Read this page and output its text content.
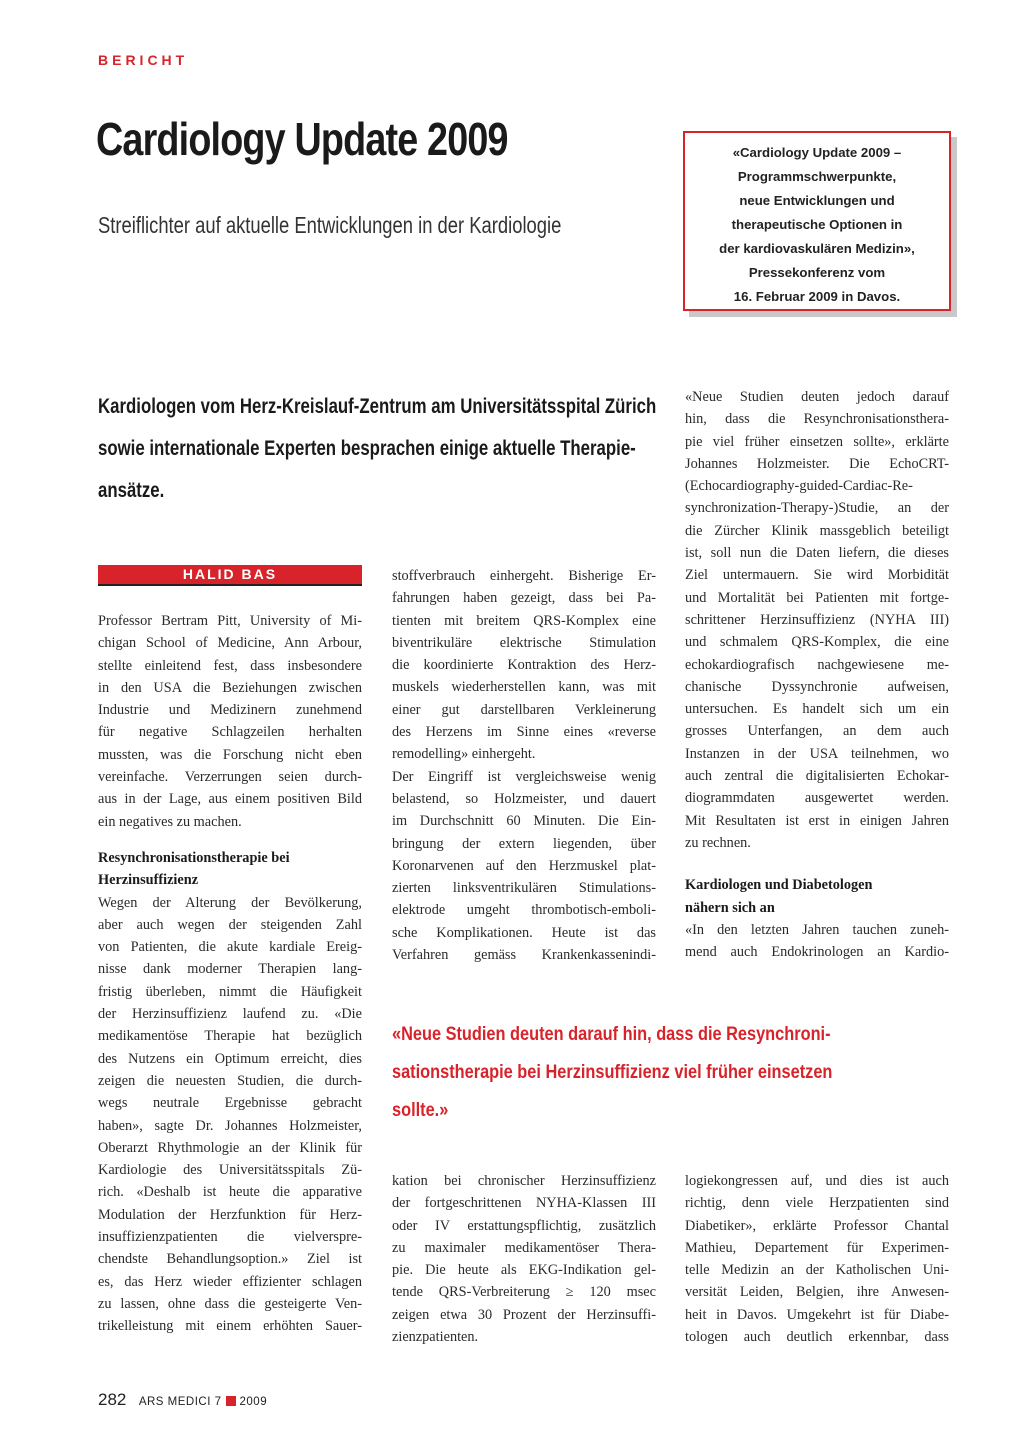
BERICHT
Cardiology Update 2009
Streiflichter auf aktuelle Entwicklungen in der Kardiologie

«Cardiology Update 2009 –

Programmschwerpunkte,

neue Entwicklungen und

therapeutische Optionen in

der kardiovaskulären Medizin»,

Pressekonferenz vom

16. Februar 2009 in Davos.

Kardiologen vom Herz-Kreislauf-Zentrum am Universitätsspital Zürich
sowie internationale Experten besprachen einige aktuelle Therapie-
ansätze.
HALID BAS
Professor Bertram Pitt, University of Mi-
chigan School of Medicine, Ann Arbour,
stellte einleitend fest, dass insbesondere
in den USA die Beziehungen zwischen
Industrie und Medizinern zunehmend
für negative Schlagzeilen herhalten
mussten, was die Forschung nicht eben
vereinfache. Verzerrungen seien durch-
aus in der Lage, aus einem positiven Bild
ein negatives zu machen.
Resynchronisationstherapie bei
Herzinsuffizienz
Wegen der Alterung der Bevölkerung,
aber auch wegen der steigenden Zahl
von Patienten, die akute kardiale Ereig-
nisse dank moderner Therapien lang-
fristig überleben, nimmt die Häufigkeit
der Herzinsuffizienz laufend zu. «Die
medikamentöse Therapie hat bezüglich
des Nutzens ein Optimum erreicht, dies
zeigen die neuesten Studien, die durch-
wegs neutrale Ergebnisse gebracht
haben», sagte Dr. Johannes Holzmeister,
Oberarzt Rhythmologie an der Klinik für
Kardiologie des Universitätsspitals Zü-
rich. «Deshalb ist heute die apparative
Modulation der Herzfunktion für Herz-
insuffizienzpatienten die vielverspre-
chendste Behandlungsoption.» Ziel ist
es, das Herz wieder effizienter schlagen
zu lassen, ohne dass die gesteigerte Ven-
trikelleistung mit einem erhöhten Sauer-
stoffverbrauch einhergeht. Bisherige Er-
fahrungen haben gezeigt, dass bei Pa-
tienten mit breitem QRS-Komplex eine
biventrikuläre elektrische Stimulation
die koordinierte Kontraktion des Herz-
muskels wiederherstellen kann, was mit
einer gut darstellbaren Verkleinerung
des Herzens im Sinne eines «reverse
remodelling» einhergeht.
Der Eingriff ist vergleichsweise wenig
belastend, so Holzmeister, und dauert
im Durchschnitt 60 Minuten. Die Ein-
bringung der extern liegenden, über
Koronarvenen auf den Herzmuskel plat-
zierten linksventrikulären Stimulations-
elektrode umgeht thrombotisch-emboli-
sche Komplikationen. Heute ist das
Verfahren gemäss Krankenkassenindi-
«Neue Studien deuten jedoch darauf
hin, dass die Resynchronisationsthera-
pie viel früher einsetzen sollte», erklärte
Johannes Holzmeister. Die EchoCRT-
(Echocardiography-guided-Cardiac-Re-
synchronization-Therapy-)Studie, an der
die Zürcher Klinik massgeblich beteiligt
ist, soll nun die Daten liefern, die dieses
Ziel untermauern. Sie wird Morbidität
und Mortalität bei Patienten mit fortge-
schrittener Herzinsuffizienz (NYHA III)
und schmalem QRS-Komplex, die eine
echokardiografisch nachgewiesene me-
chanische Dyssynchronie aufweisen,
untersuchen. Es handelt sich um ein
grosses Unterfangen, an dem auch
Instanzen in der USA teilnehmen, wo
auch zentral die digitalisierten Echokar-
diogrammdaten ausgewertet werden.
Mit Resultaten ist erst in einigen Jahren
zu rechnen.
Kardiologen und Diabetologen
nähern sich an
«In den letzten Jahren tauchen zuneh-
mend auch Endokrinologen an Kardio-
«Neue Studien deuten darauf hin, dass die Resynchroni-
sationstherapie bei Herzinsuffizienz viel früher einsetzen
sollte.»
kation bei chronischer Herzinsuffizienz
der fortgeschrittenen NYHA-Klassen III
oder IV erstattungspflichtig, zusätzlich
zu maximaler medikamentöser Thera-
pie. Die heute als EKG-Indikation gel-
tende QRS-Verbreiterung ≥ 120 msec
zeigen etwa 30 Prozent der Herzinsuffi-
zienzpatienten.
logiekongressen auf, und dies ist auch
richtig, denn viele Herzpatienten sind
Diabetiker», erklärte Professor Chantal
Mathieu, Departement für Experimen-
telle Medizin an der Katholischen Uni-
versität Leiden, Belgien, ihre Anwesen-
heit in Davos. Umgekehrt ist für Diabe-
tologen auch deutlich erkennbar, dass
282 ARS MEDICI 7 2009
